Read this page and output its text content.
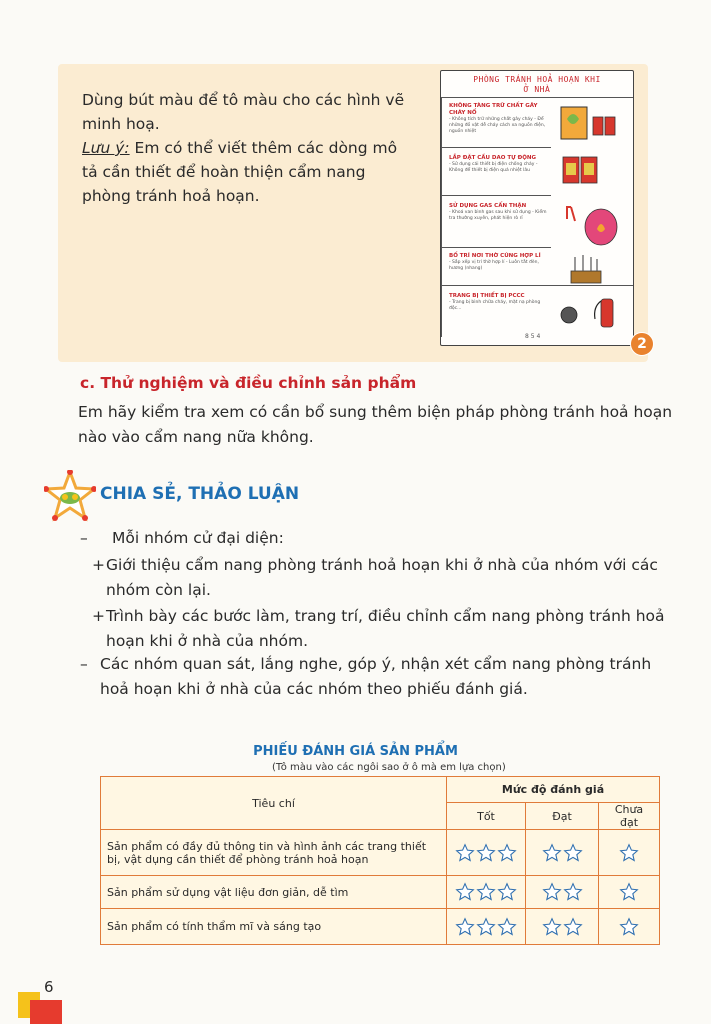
Dùng bút màu để tô màu cho các hình vẽ minh hoạ.

Lưu ý: Em có thể viết thêm các dòng mô tả cần thiết để hoàn thiện cẩm nang phòng tránh hoả hoạn.

PHÒNG TRÁNH HOẢ HOẠN KHI Ở NHÀ
KHÔNG TÀNG TRỮ CHẤT GÂY CHÁY NỔ
- Không tích trữ những chất gây cháy - Để những đồ vật dễ cháy cách xa nguồn điện, nguồn nhiệt
LẮP ĐẶT CẦU DAO TỰ ĐỘNG
- Sử dụng cái thiết bị điện chống cháy - Không để thiết bị điện quá nhiệt lâu
SỬ DỤNG GAS CẨN THẬN
- Khoá van bình gas sau khi sử dụng - Kiểm tra thường xuyên, phát hiện rò rỉ
BỐ TRÍ NƠI THỜ CÚNG HỢP LÍ
- Sắp xếp vị trí thờ hợp lí - Luôn tắt đèn, hương (nhang)
TRANG BỊ THIẾT BỊ PCCC
- Trang bị bình chữa cháy, mặt nạ phòng độc...
8 5 4	2
c. Thử nghiệm và điều chỉnh sản phẩm
Em hãy kiểm tra xem có cần bổ sung thêm biện pháp phòng tránh hoả hoạn nào vào cẩm nang nữa không.
CHIA SẺ, THẢO LUẬN
– Mỗi nhóm cử đại diện:
+ Giới thiệu cẩm nang phòng tránh hoả hoạn khi ở nhà của nhóm với các nhóm còn lại.
+ Trình bày các bước làm, trang trí, điều chỉnh cẩm nang phòng tránh hoả hoạn khi ở nhà của nhóm.
– Các nhóm quan sát, lắng nghe, góp ý, nhận xét cẩm nang phòng tránh hoả hoạn khi ở nhà của các nhóm theo phiếu đánh giá.
PHIẾU ĐÁNH GIÁ SẢN PHẨM
(Tô màu vào các ngôi sao ở ô mà em lựa chọn)
Tiêu chí	Mức độ đánh giá		
	Tốt	Đạt	Chưa đạt
Sản phẩm có đầy đủ thông tin và hình ảnh các trang thiết bị, vật dụng cần thiết để phòng tránh hoả hoạn	

Sản phẩm sử dụng vật liệu đơn giản, dễ tìm	

Sản phẩm có tính thẩm mĩ và sáng tạo	

6
